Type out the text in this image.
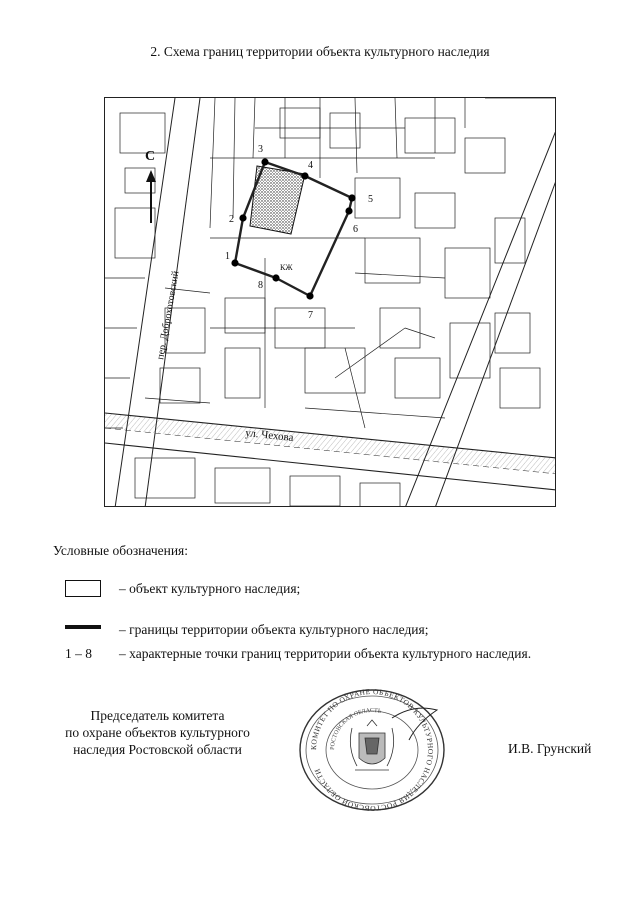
2. Схема границ территории объекта культурного наследия
3
4
5
6
7
8
1
2
КЖ
С
пер. Доброхотовский
ул. Чехова
Условные обозначения:
– объект культурного наследия;
– границы территории объекта культурного наследия;
1 – 8	– характерные точки границ территории объекта культурного наследия.
Председатель комитета
по охране объектов культурного
наследия Ростовской области	КОМИТЕТ ПО ОХРАНЕ ОБЪЕКТОВ КУЛЬТУРНОГО НАСЛЕДИЯ РОСТОВСКОЙ ОБЛАСТИ
РОСТОВСКАЯ ОБЛАСТЬ
И.В. Грунский
